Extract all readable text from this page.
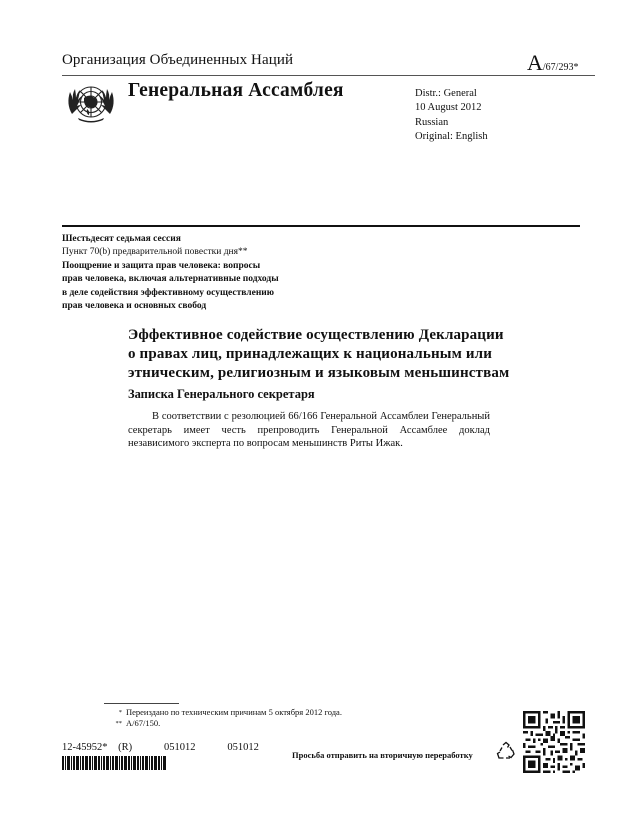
Организация Объединенных Наций	A/67/293*
Генеральная Ассамблея	Distr.: General
10 August 2012
Russian
Original: English
Шестьдесят седьмая сессия
Пункт 70(b) предварительной повестки дня**
Поощрение и защита прав человека: вопросы
прав человека, включая альтернативные подходы
в деле содействия эффективному осуществлению
прав человека и основных свобод
Эффективное содействие осуществлению Декларации
о правах лиц, принадлежащих к национальным или
этническим, религиозным и языковым меньшинствам
Записка Генерального секретаря
В соответствии с резолюцией 66/166 Генеральной Ассамблеи Генеральный секретарь имеет честь препроводить Генеральной Ассамблее доклад независимого эксперта по вопросам меньшинств Риты Ижак.
* Переиздано по техническим причинам 5 октября 2012 года.
** A/67/150.
12-45952* (R)   051012   051012
Просьба отправить на вторичную переработку
